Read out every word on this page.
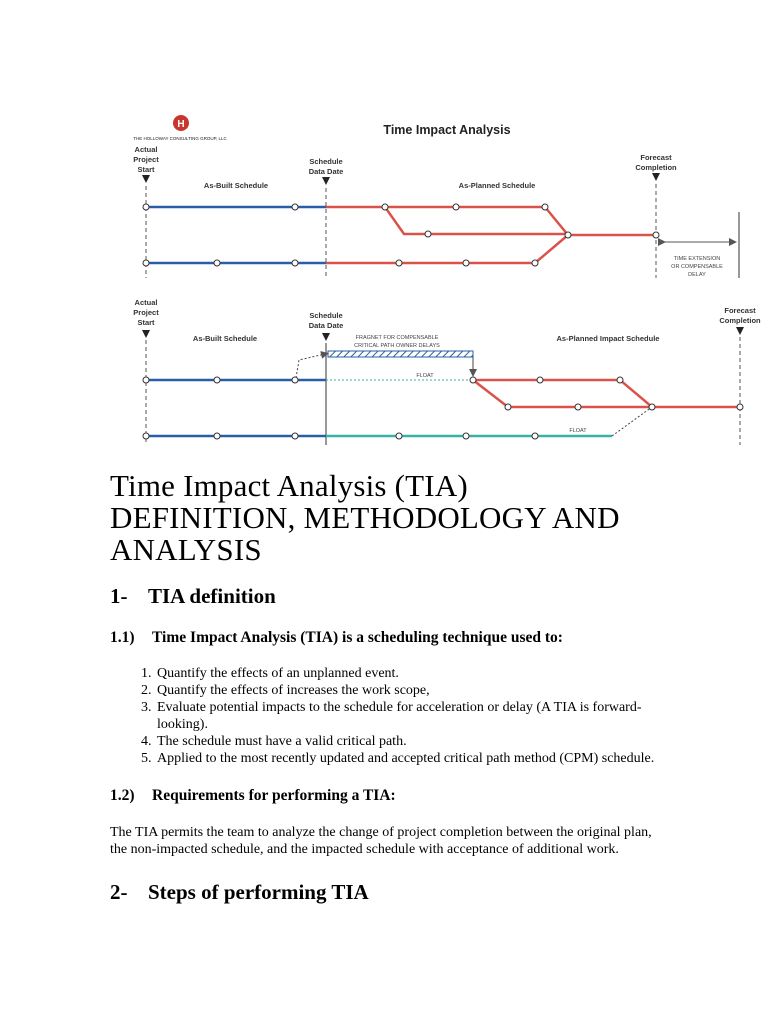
H
THE HOLLOWAY CONSULTING GROUP, LLC
Time Impact Analysis
Actual
Project
Start
Schedule
Data Date
Forecast
Completion
As-Built Schedule	As-Planned Schedule
TIME EXTENSION
OR COMPENSABLE
DELAY
Actual
Project
Start
Schedule
Data Date
Forecast
Completion
As-Built Schedule	As-Planned Impact Schedule
FRAGNET FOR COMPENSABLE
CRITICAL PATH OWNER DELAYS
FLOAT
FLOAT
Time Impact Analysis (TIA)
DEFINITION, METHODOLOGY AND
ANALYSIS
1- TIA definition
1.1) Time Impact Analysis (TIA) is a scheduling technique used to:
1. Quantify the effects of an unplanned event.
2. Quantify the effects of increases the work scope,
3. Evaluate potential impacts to the schedule for acceleration or delay (A TIA is forward-looking).
4. The schedule must have a valid critical path.
5. Applied to the most recently updated and accepted critical path method (CPM) schedule.
1.2) Requirements for performing a TIA:

The TIA permits the team to analyze the change of project completion between the original plan, the non-impacted schedule, and the impacted schedule with acceptance of additional work.

2- Steps of performing TIA
